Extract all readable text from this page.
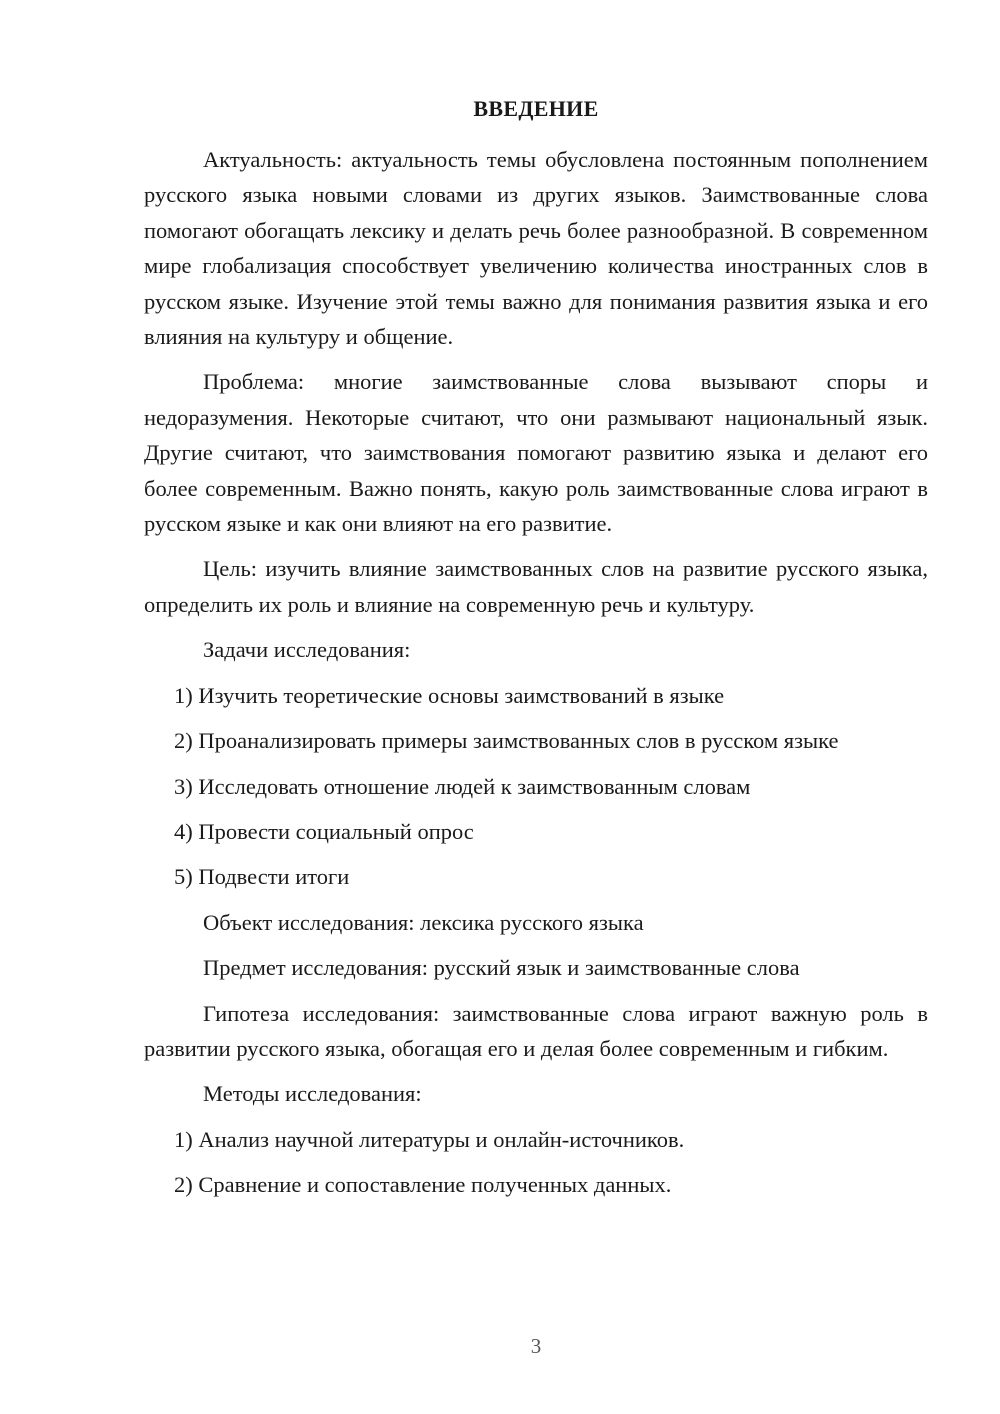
ВВЕДЕНИЕ

Актуальность: актуальность темы обусловлена постоянным пополнением русского языка новыми словами из других языков. Заимствованные слова помогают обогащать лексику и делать речь более разнообразной. В современном мире глобализация способствует увеличению количества иностранных слов в русском языке. Изучение этой темы важно для понимания развития языка и его влияния на культуру и общение.

Проблема: многие заимствованные слова вызывают споры и недоразумения. Некоторые считают, что они размывают национальный язык. Другие считают, что заимствования помогают развитию языка и делают его более современным. Важно понять, какую роль заимствованные слова играют в русском языке и как они влияют на его развитие.

Цель: изучить влияние заимствованных слов на развитие русского языка, определить их роль и влияние на современную речь и культуру.

Задачи исследования:
1) Изучить теоретические основы заимствований в языке
2) Проанализировать примеры заимствованных слов в русском языке
3) Исследовать отношение людей к заимствованным словам
4) Провести социальный опрос
5) Подвести итоги
Объект исследования: лексика русского языка
Предмет исследования: русский язык и заимствованные слова

Гипотеза исследования: заимствованные слова играют важную роль в развитии русского языка, обогащая его и делая более современным и гибким.

Методы исследования:
1) Анализ научной литературы и онлайн-источников.
2) Сравнение и сопоставление полученных данных.
3
